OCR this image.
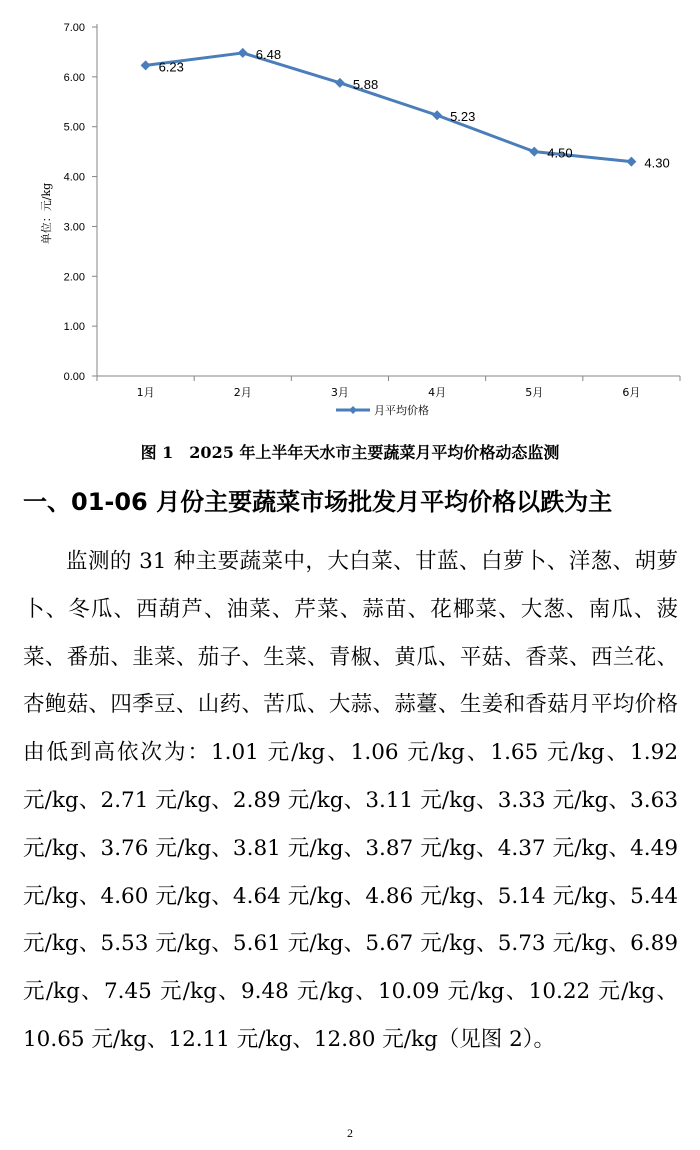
0.00
1.00
2.00
3.00
4.00
5.00
6.00
7.00
单位：元/kg
1月	2月	3月	4月	5月	6月
6.23
6.48
5.88
5.23
4.50
4.30
月平均价格
图 1　2025 年上半年天水市主要蔬菜月平均价格动态监测
一、01-06 月份主要蔬菜市场批发月平均价格以跌为主
监测的 31 种主要蔬菜中，大白菜、甘蓝、白萝卜、洋葱、胡萝卜、冬瓜、西葫芦、油菜、芹菜、蒜苗、花椰菜、大葱、南瓜、菠菜、番茄、韭菜、茄子、生菜、青椒、黄瓜、平菇、香菜、西兰花、杏鲍菇、四季豆、山药、苦瓜、大蒜、蒜薹、生姜和香菇月平均价格由低到高依次为：1.01 元/kg、1.06 元/kg、1.65 元/kg、1.92 元/kg、2.71 元/kg、2.89 元/kg、3.11 元/kg、3.33 元/kg、3.63 元/kg、3.76 元/kg、3.81 元/kg、3.87 元/kg、4.37 元/kg、4.49 元/kg、4.60 元/kg、4.64 元/kg、4.86 元/kg、5.14 元/kg、5.44 元/kg、5.53 元/kg、5.61 元/kg、5.67 元/kg、5.73 元/kg、6.89 元/kg、7.45 元/kg、9.48 元/kg、10.09 元/kg、10.22 元/kg、10.65 元/kg、12.11 元/kg、12.80 元/kg（见图 2）。
2
